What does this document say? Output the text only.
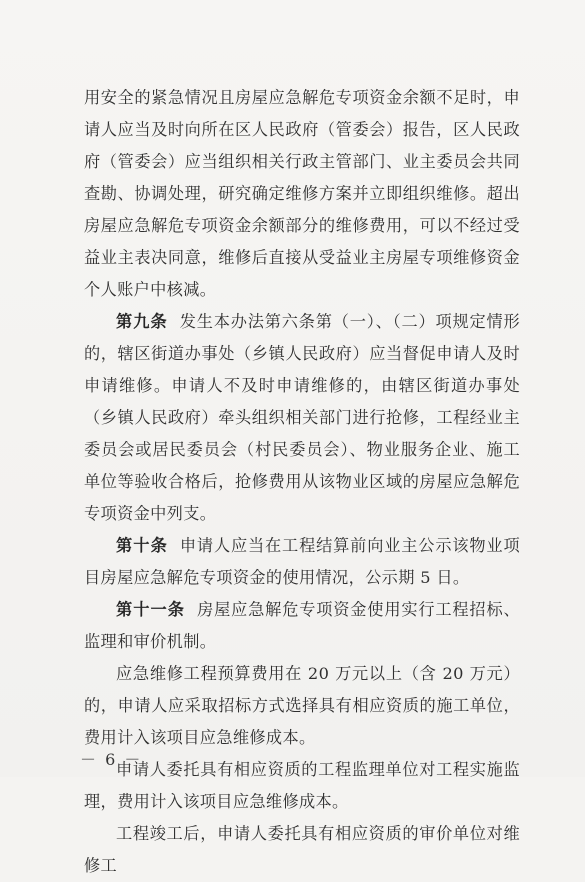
用安全的紧急情况且房屋应急解危专项资金余额不足时，申请人应当及时向所在区人民政府（管委会）报告，区人民政府（管委会）应当组织相关行政主管部门、业主委员会共同查勘、协调处理，研究确定维修方案并立即组织维修。超出房屋应急解危专项资金余额部分的维修费用，可以不经过受益业主表决同意，维修后直接从受益业主房屋专项维修资金个人账户中核减。

第九条 发生本办法第六条第（一）、（二）项规定情形的，辖区街道办事处（乡镇人民政府）应当督促申请人及时申请维修。申请人不及时申请维修的，由辖区街道办事处（乡镇人民政府）牵头组织相关部门进行抢修，工程经业主委员会或居民委员会（村民委员会）、物业服务企业、施工单位等验收合格后，抢修费用从该物业区域的房屋应急解危专项资金中列支。

第十条 申请人应当在工程结算前向业主公示该物业项目房屋应急解危专项资金的使用情况，公示期 5 日。

第十一条 房屋应急解危专项资金使用实行工程招标、监理和审价机制。

应急维修工程预算费用在 20 万元以上（含 20 万元）的，申请人应采取招标方式选择具有相应资质的施工单位，费用计入该项目应急维修成本。

申请人委托具有相应资质的工程监理单位对工程实施监理，费用计入该项目应急维修成本。

工程竣工后，申请人委托具有相应资质的审价单位对维修工

－ 6 －
